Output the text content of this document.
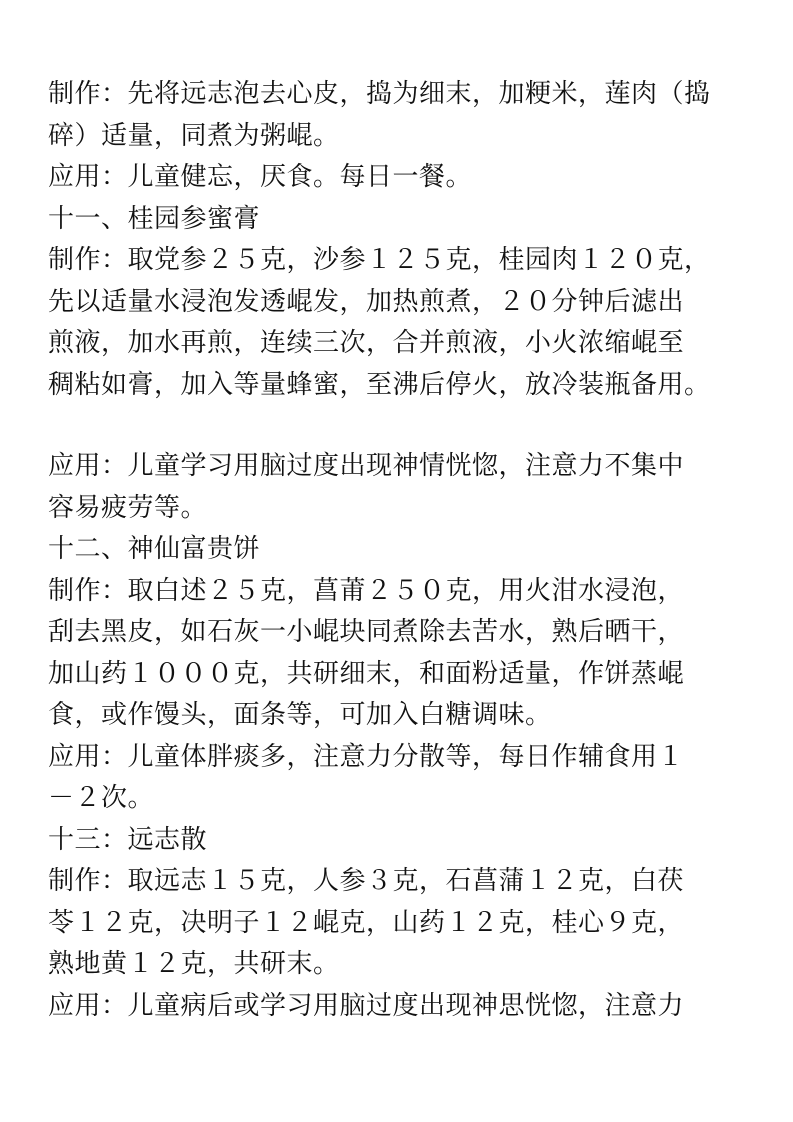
制作：先将远志泡去心皮，捣为细末，加粳米，莲肉（捣
碎）适量，同煮为粥崐。
应用：儿童健忘，厌食。每日一餐。
十一、桂园参蜜膏
制作：取党参２５克，沙参１２５克，桂园肉１２０克，
先以适量水浸泡发透崐发，加热煎煮，２０分钟后滤出
煎液，加水再煎，连续三次，合并煎液，小火浓缩崐至
稠粘如膏，加入等量蜂蜜，至沸后停火，放冷装瓶备用。
应用：儿童学习用脑过度出现神情恍惚，注意力不集中
容易疲劳等。
十二、神仙富贵饼
制作：取白述２５克，菖莆２５０克，用火泔水浸泡，
刮去黑皮，如石灰一小崐块同煮除去苦水，熟后晒干，
加山药１０００克，共研细末，和面粉适量，作饼蒸崐
食，或作馒头，面条等，可加入白糖调味。
应用：儿童体胖痰多，注意力分散等，每日作辅食用１
－２次。
十三：远志散
制作：取远志１５克，人参３克，石菖蒲１２克，白茯
苓１２克，决明子１２崐克，山药１２克，桂心９克，
熟地黄１２克，共研末。
应用：儿童病后或学习用脑过度出现神思恍惚，注意力
